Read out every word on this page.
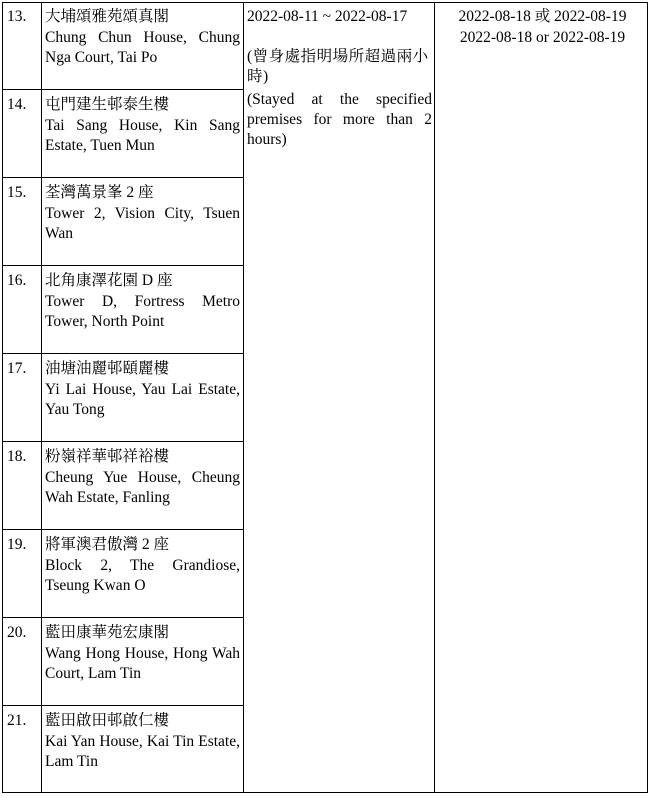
13. 大埔頌雅苑頌真閣
Chung Chun House, Chung Nga Court, Tai Po
14. 屯門建生邨泰生樓
Tai Sang House, Kin Sang Estate, Tuen Mun
15. 荃灣萬景峯 2 座
Tower 2, Vision City, Tsuen Wan
16. 北角康澤花園 D 座
Tower D, Fortress Metro Tower, North Point
17. 油塘油麗邨頤麗樓
Yi Lai House, Yau Lai Estate, Yau Tong
18. 粉嶺祥華邨祥裕樓
Cheung Yue House, Cheung Wah Estate, Fanling
19. 將軍澳君傲灣 2 座
Block 2, The Grandiose, Tseung Kwan O
20. 藍田康華苑宏康閣
Wang Hong House, Hong Wah Court, Lam Tin
21. 藍田啟田邨啟仁樓
Kai Yan House, Kai Tin Estate, Lam Tin
2022-08-11 ~ 2022-08-17
(曾身處指明場所超過兩小時)
(Stayed at the specified premises for more than 2 hours)
2022-08-18 或 2022-08-19
2022-08-18 or 2022-08-19
